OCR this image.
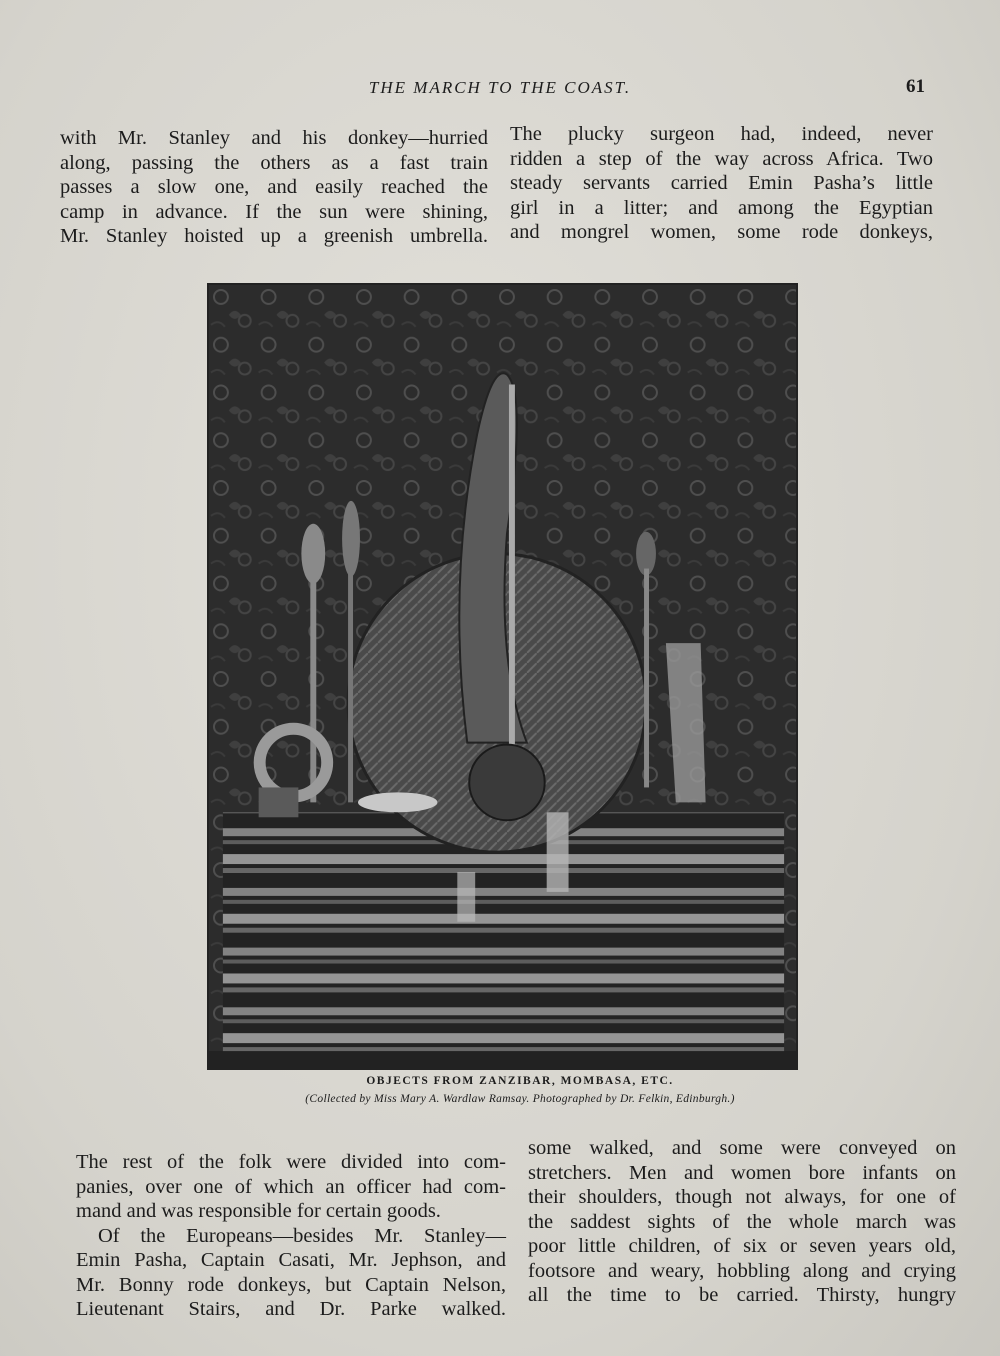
THE MARCH TO THE COAST.	61
with Mr. Stanley and his donkey—hurried
along, passing the others as a fast train
passes a slow one, and easily reached the
camp in advance. If the sun were shining,
Mr. Stanley hoisted up a greenish umbrella.
The plucky surgeon had, indeed, never
ridden a step of the way across Africa. Two
steady servants carried Emin Pasha’s little
girl in a litter; and among the Egyptian
and mongrel women, some rode donkeys,
OBJECTS FROM ZANZIBAR, MOMBASA, ETC.
(Collected by Miss Mary A. Wardlaw Ramsay. Photographed by Dr. Felkin, Edinburgh.)
The rest of the folk were divided into com-
panies, over one of which an officer had com-
mand and was responsible for certain goods.
Of the Europeans—besides Mr. Stanley—
Emin Pasha, Captain Casati, Mr. Jephson, and
Mr. Bonny rode donkeys, but Captain Nelson,
Lieutenant Stairs, and Dr. Parke walked.
some walked, and some were conveyed on
stretchers. Men and women bore infants on
their shoulders, though not always, for one of
the saddest sights of the whole march was
poor little children, of six or seven years old,
footsore and weary, hobbling along and crying
all the time to be carried. Thirsty, hungry
